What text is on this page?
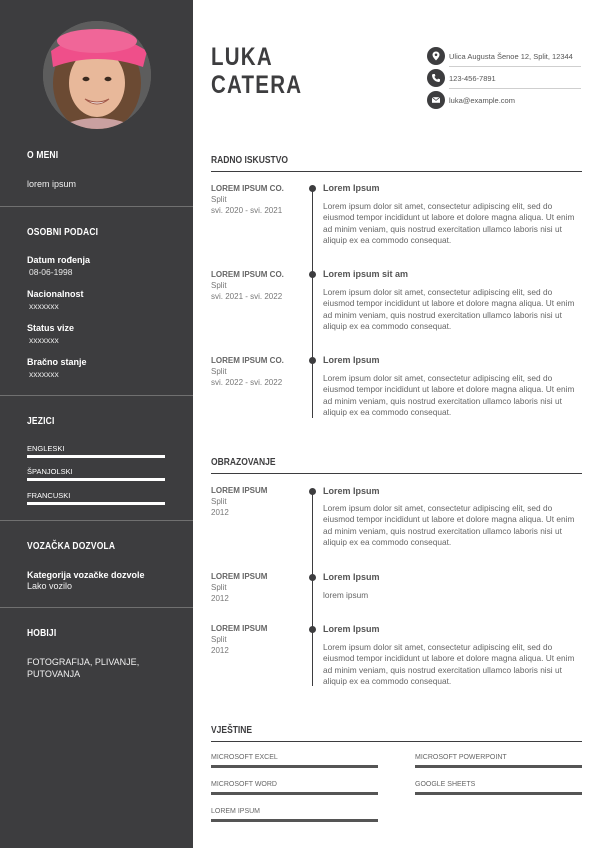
O MENI
lorem ipsum
OSOBNI PODACI
Datum rođenja
08-06-1998
Nacionalnost
xxxxxxx
Status vize
xxxxxxx
Bračno stanje
xxxxxxx
JEZICI
ENGLESKI
ŠPANJOLSKI
FRANCUSKI
VOZAČKA DOZVOLA
Kategorija vozačke dozvole
Lako vozilo
HOBIJI
FOTOGRAFIJA, PLIVANJE,
PUTOVANJA
LUKA
CATERA
Ulica Augusta Šenoe 12, Split, 12344
123-456-7891
luka@example.com
RADNO ISKUSTVO
LOREM IPSUM CO.
Split
svi. 2020 - svi. 2021
Lorem Ipsum
Lorem ipsum dolor sit amet, consectetur adipiscing elit, sed do eiusmod tempor incididunt ut labore et dolore magna aliqua. Ut enim ad minim veniam, quis nostrud exercitation ullamco laboris nisi ut aliquip ex ea commodo consequat.
LOREM IPSUM CO.
Split
svi. 2021 - svi. 2022
Lorem ipsum sit am
Lorem ipsum dolor sit amet, consectetur adipiscing elit, sed do eiusmod tempor incididunt ut labore et dolore magna aliqua. Ut enim ad minim veniam, quis nostrud exercitation ullamco laboris nisi ut aliquip ex ea commodo consequat.
LOREM IPSUM CO.
Split
svi. 2022 - svi. 2022
Lorem Ipsum
Lorem ipsum dolor sit amet, consectetur adipiscing elit, sed do eiusmod tempor incididunt ut labore et dolore magna aliqua. Ut enim ad minim veniam, quis nostrud exercitation ullamco laboris nisi ut aliquip ex ea commodo consequat.
OBRAZOVANJE
LOREM IPSUM
Split
2012
Lorem Ipsum
Lorem ipsum dolor sit amet, consectetur adipiscing elit, sed do eiusmod tempor incididunt ut labore et dolore magna aliqua. Ut enim ad minim veniam, quis nostrud exercitation ullamco laboris nisi ut aliquip ex ea commodo consequat.
LOREM IPSUM
Split
2012
Lorem Ipsum
lorem ipsum
LOREM IPSUM
Split
2012
Lorem Ipsum
Lorem ipsum dolor sit amet, consectetur adipiscing elit, sed do eiusmod tempor incididunt ut labore et dolore magna aliqua. Ut enim ad minim veniam, quis nostrud exercitation ullamco laboris nisi ut aliquip ex ea commodo consequat.
VJEŠTINE
MICROSOFT EXCEL	MICROSOFT POWERPOINT
MICROSOFT WORD	GOOGLE SHEETS
LOREM IPSUM
